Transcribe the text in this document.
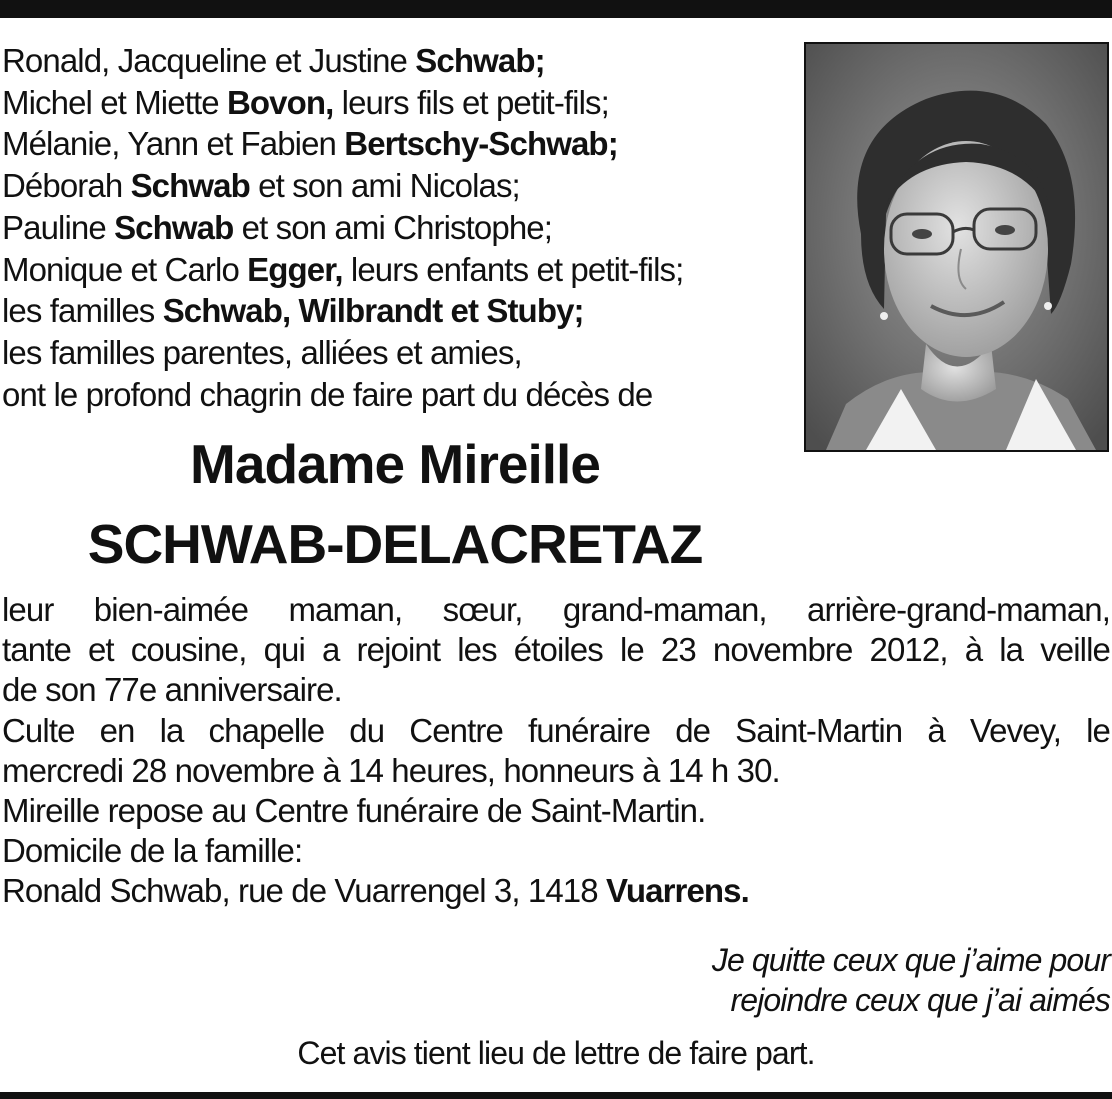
Ronald, Jacqueline et Justine Schwab;
Michel et Miette Bovon, leurs fils et petit-fils;
Mélanie, Yann et Fabien Bertschy-Schwab;
Déborah Schwab et son ami Nicolas;
Pauline Schwab et son ami Christophe;
Monique et Carlo Egger, leurs enfants et petit-fils;
les familles Schwab, Wilbrandt et Stuby;
les familles parentes, alliées et amies,
ont le profond chagrin de faire part du décès de
Madame Mireille
SCHWAB-DELACRETAZ
leur bien-aimée maman, sœur, grand-maman, arrière-grand-maman,
tante et cousine, qui a rejoint les étoiles le 23 novembre 2012, à la veille
de son 77e anniversaire.
Culte en la chapelle du Centre funéraire de Saint-Martin à Vevey, le
mercredi 28 novembre à 14 heures, honneurs à 14 h 30.
Mireille repose au Centre funéraire de Saint-Martin.
Domicile de la famille:
Ronald Schwab, rue de Vuarrengel 3, 1418 Vuarrens.
Je quitte ceux que j’aime pour
rejoindre ceux que j’ai aimés
Cet avis tient lieu de lettre de faire part.
